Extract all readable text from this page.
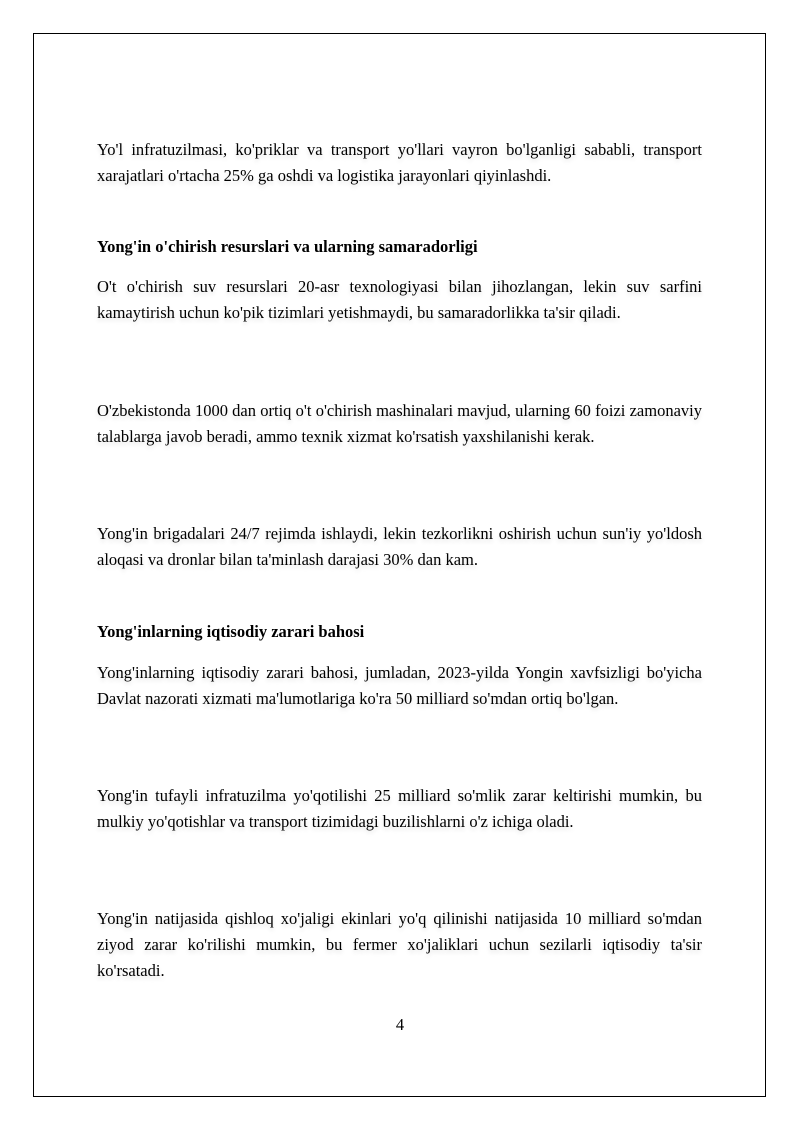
Yo'l infratuzilmasi, ko'priklar va transport yo'llari vayron bo'lganligi sababli, transport xarajatlari o'rtacha 25% ga oshdi va logistika jarayonlari qiyinlashdi.

Yong'in o'chirish resurslari va ularning samaradorligi

O't o'chirish suv resurslari 20-asr texnologiyasi bilan jihozlangan, lekin suv sarfini kamaytirish uchun ko'pik tizimlari yetishmaydi, bu samaradorlikka ta'sir qiladi.

O'zbekistonda 1000 dan ortiq o't o'chirish mashinalari mavjud, ularning 60 foizi zamonaviy talablarga javob beradi, ammo texnik xizmat ko'rsatish yaxshilanishi kerak.

Yong'in brigadalari 24/7 rejimda ishlaydi, lekin tezkorlikni oshirish uchun sun'iy yo'ldosh aloqasi va dronlar bilan ta'minlash darajasi 30% dan kam.

Yong'inlarning iqtisodiy zarari bahosi

Yong'inlarning iqtisodiy zarari bahosi, jumladan, 2023-yilda Yongin xavfsizligi bo'yicha Davlat nazorati xizmati ma'lumotlariga ko'ra 50 milliard so'mdan ortiq bo'lgan.

Yong'in tufayli infratuzilma yo'qotilishi 25 milliard so'mlik zarar keltirishi mumkin, bu mulkiy yo'qotishlar va transport tizimidagi buzilishlarni o'z ichiga oladi.

Yong'in natijasida qishloq xo'jaligi ekinlari yo'q qilinishi natijasida 10 milliard so'mdan ziyod zarar ko'rilishi mumkin, bu fermer xo'jaliklari uchun sezilarli iqtisodiy ta'sir ko'rsatadi.

4
